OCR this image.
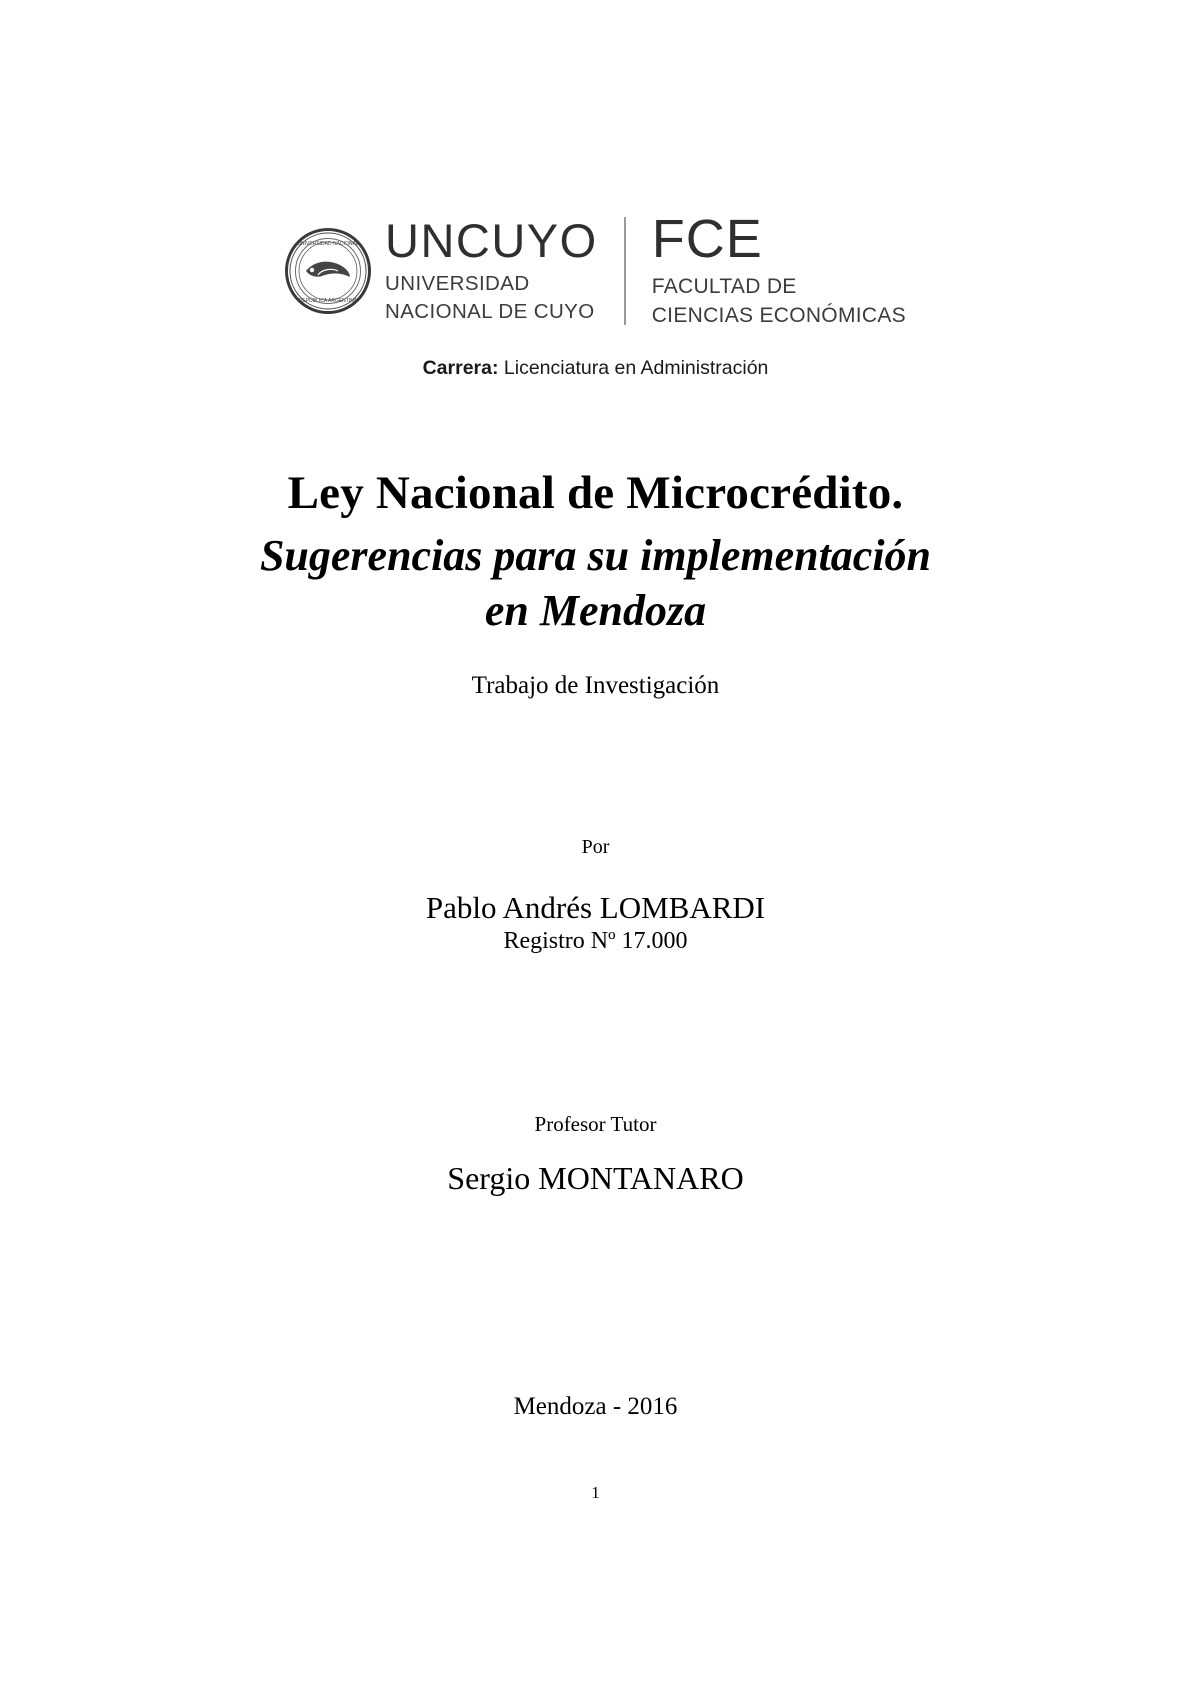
UNIVERSIDAD NACIONAL
REPÚBLICA ARGENTINA
UNCUYO
UNIVERSIDAD
NACIONAL DE CUYO
FCE
FACULTAD DE
CIENCIAS ECONÓMICAS
Carrera: Licenciatura en Administración
Ley Nacional de Microcrédito.
Sugerencias para su implementación
en Mendoza
Trabajo de Investigación
Por
Pablo Andrés LOMBARDI
Registro Nº 17.000
Profesor Tutor
Sergio MONTANARO
Mendoza - 2016
1
